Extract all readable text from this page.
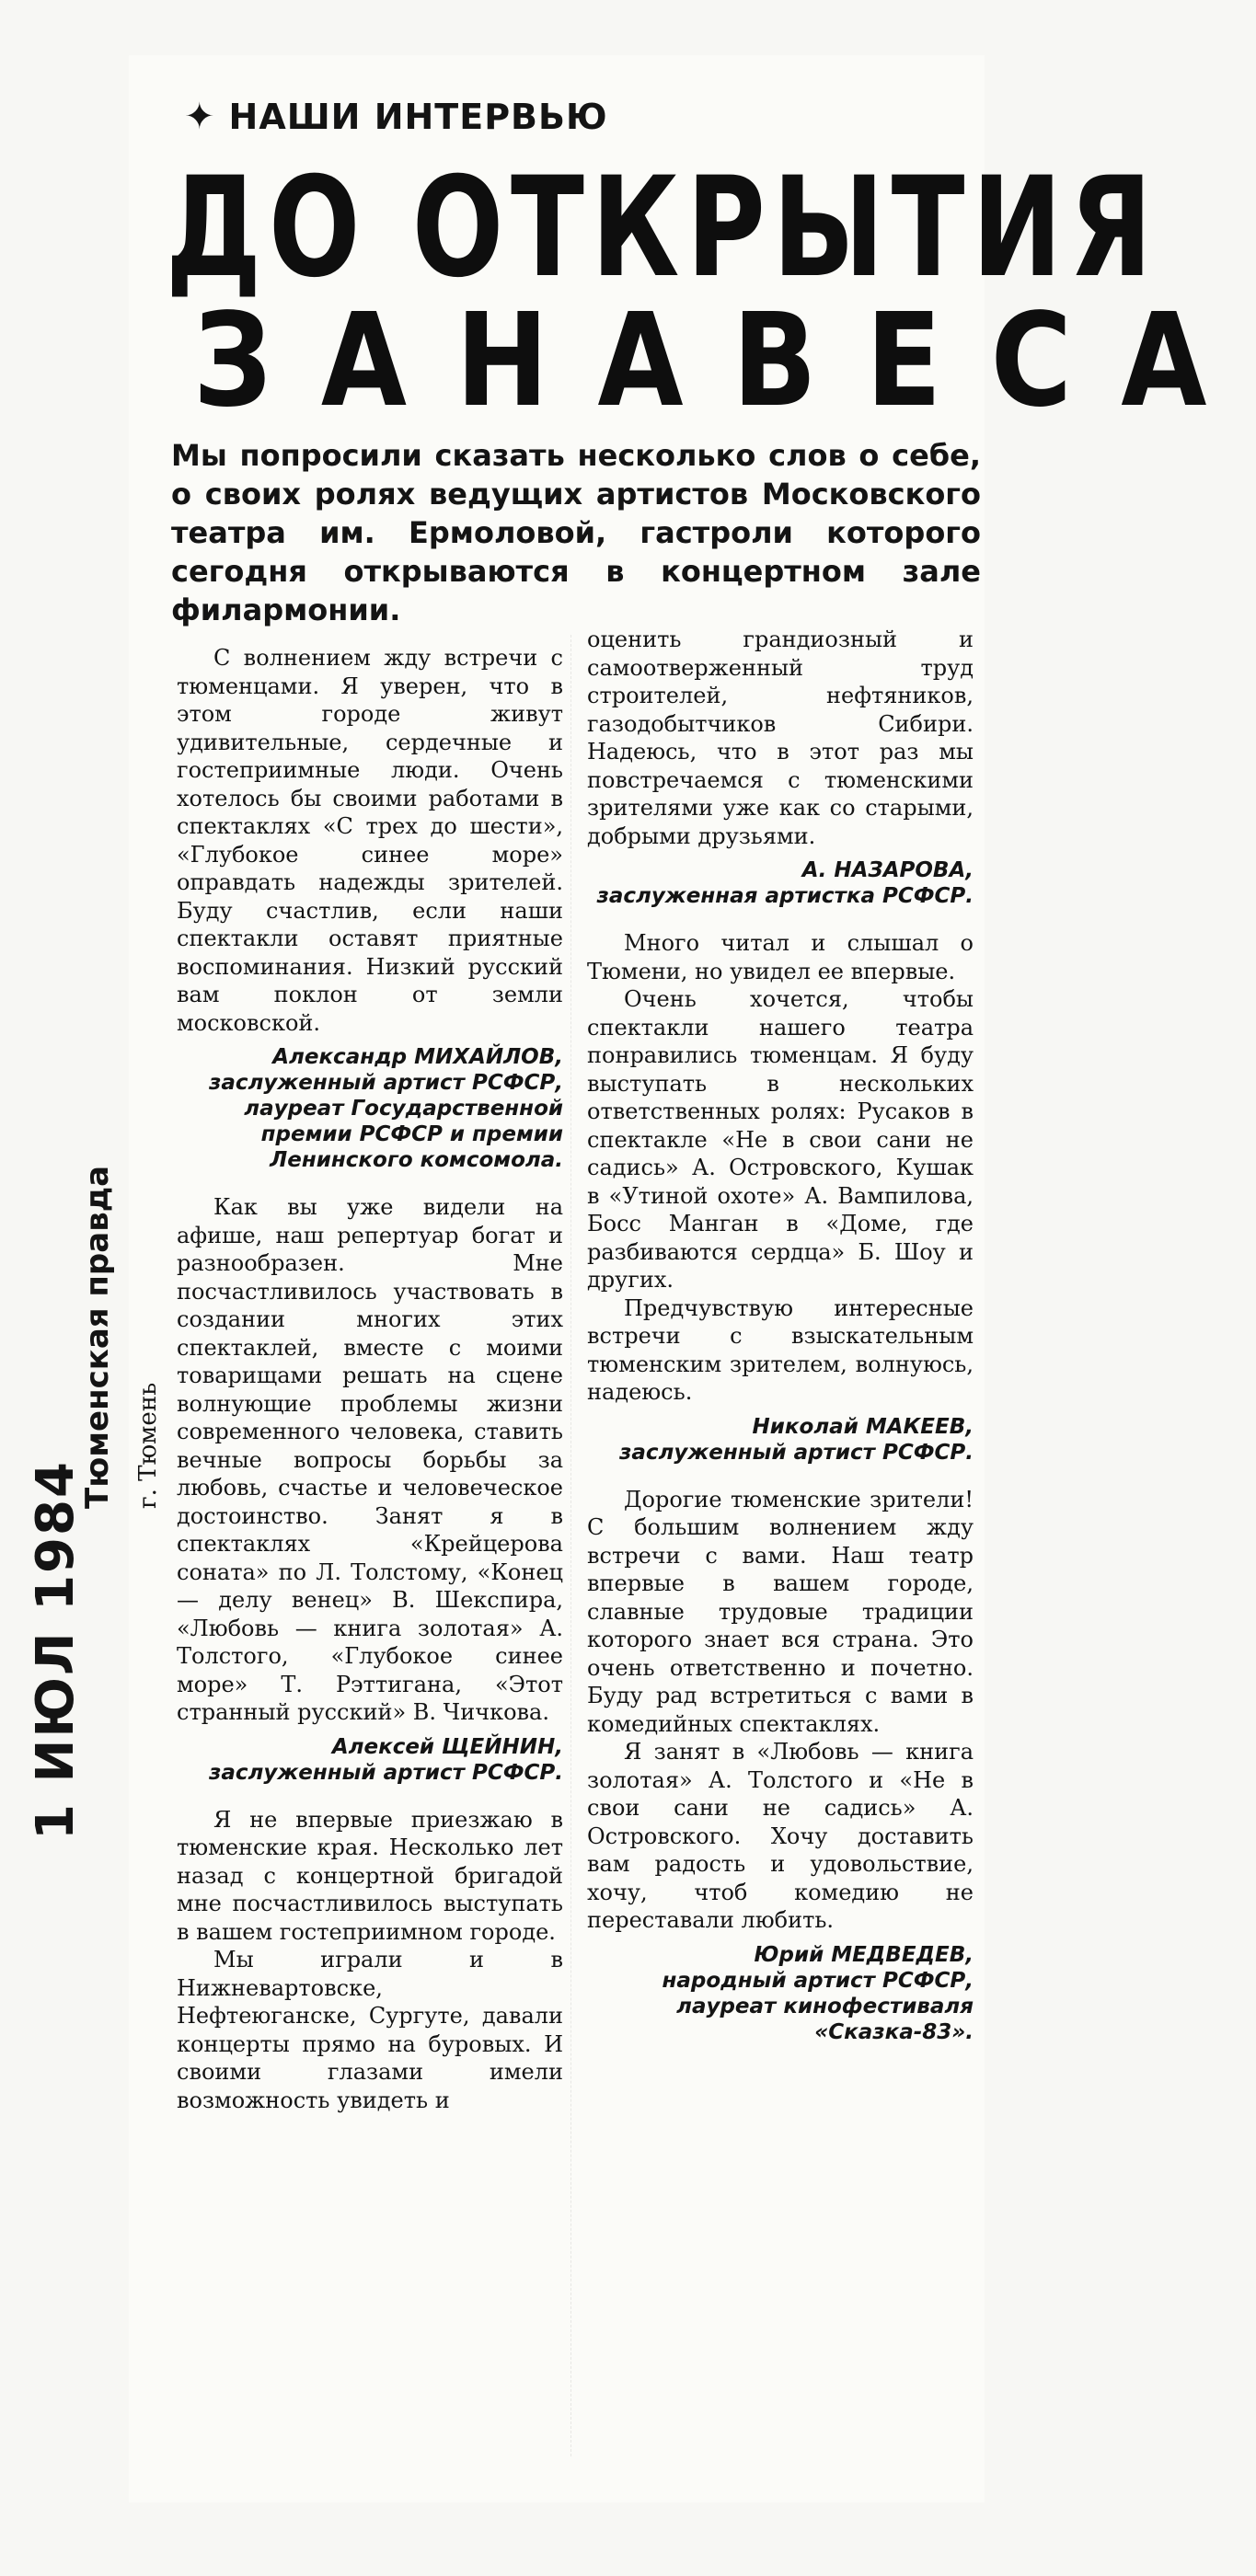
✦ НАШИ ИНТЕРВЬЮ
ДО ОТКРЫТИЯ
ЗАНАВЕСА
Мы попросили сказать несколько слов о себе, о своих ролях ведущих артистов Московского театра им. Ермоловой, гастроли которого сегодня открываются в концертном зале филармонии.
Тюменская правда г. Тюмень
1 ИЮЛ 1984

С волнением жду встречи с тюменцами. Я уверен, что в этом городе живут удивительные, сердечные и гостеприимные люди. Очень хотелось бы своими работами в спектаклях «С трех до шести», «Глубокое синее море» оправдать надежды зрителей. Буду счастлив, если наши спектакли оставят приятные воспоминания. Низкий русский вам поклон от земли московской.

Александр МИХАЙЛОВ,
заслуженный артист РСФСР, лауреат Государственной премии РСФСР и премии Ленинского комсомола.

Как вы уже видели на афише, наш репертуар богат и разнообразен. Мне посчастливилось участвовать в создании многих этих спектаклей, вместе с моими товарищами решать на сцене волнующие проблемы жизни современного человека, ставить вечные вопросы борьбы за любовь, счастье и человеческое достоинство. Занят я в спектаклях «Крейцерова соната» по Л. Толстому, «Конец— делу венец» В. Шекспира, «Любовь — книга золотая» А. Толстого, «Глубокое синее море» Т. Рэттигана, «Этот странный русский» В. Чичкова.

Алексей ЩЕЙНИН,
заслуженный артист РСФСР.

Я не впервые приезжаю в тюменские края. Несколько лет назад с концертной бригадой мне посчастливилось выступать в вашем гостеприимном городе.

Мы играли и в Нижневартовске, Нефтеюганске, Сургуте, давали концерты прямо на буровых. И своими глазами имели возможность увидеть и

оценить грандиозный и самоотверженный труд строителей, нефтяников, газодобытчиков Сибири. Надеюсь, что в этот раз мы повстречаемся с тюменскими зрителями уже как со старыми, добрыми друзьями.

А. НАЗАРОВА,
заслуженная артистка РСФСР.

Много читал и слышал о Тюмени, но увидел ее впервые.

Очень хочется, чтобы спектакли нашего театра понравились тюменцам. Я буду выступать в нескольких ответственных ролях: Русаков в спектакле «Не в свои сани не садись» А. Островского, Кушак в «Утиной охоте» А. Вампилова, Босс Манган в «Доме, где разбиваются сердца» Б. Шоу и других.

Предчувствую интересные встречи с взыскательным тюменским зрителем, волнуюсь, надеюсь.

Николай МАКЕЕВ,
заслуженный артист РСФСР.

Дорогие тюменские зрители! С большим волнением жду встречи с вами. Наш театр впервые в вашем городе, славные трудовые традиции которого знает вся страна. Это очень ответственно и почетно. Буду рад встретиться с вами в комедийных спектаклях.

Я занят в «Любовь — книга золотая» А. Толстого и «Не в свои сани не садись» А. Островского. Хочу доставить вам радость и удовольствие, хочу, чтоб комедию не переставали любить.

Юрий МЕДВЕДЕВ,
народный артист РСФСР, лауреат кинофестиваля «Сказка-83».
